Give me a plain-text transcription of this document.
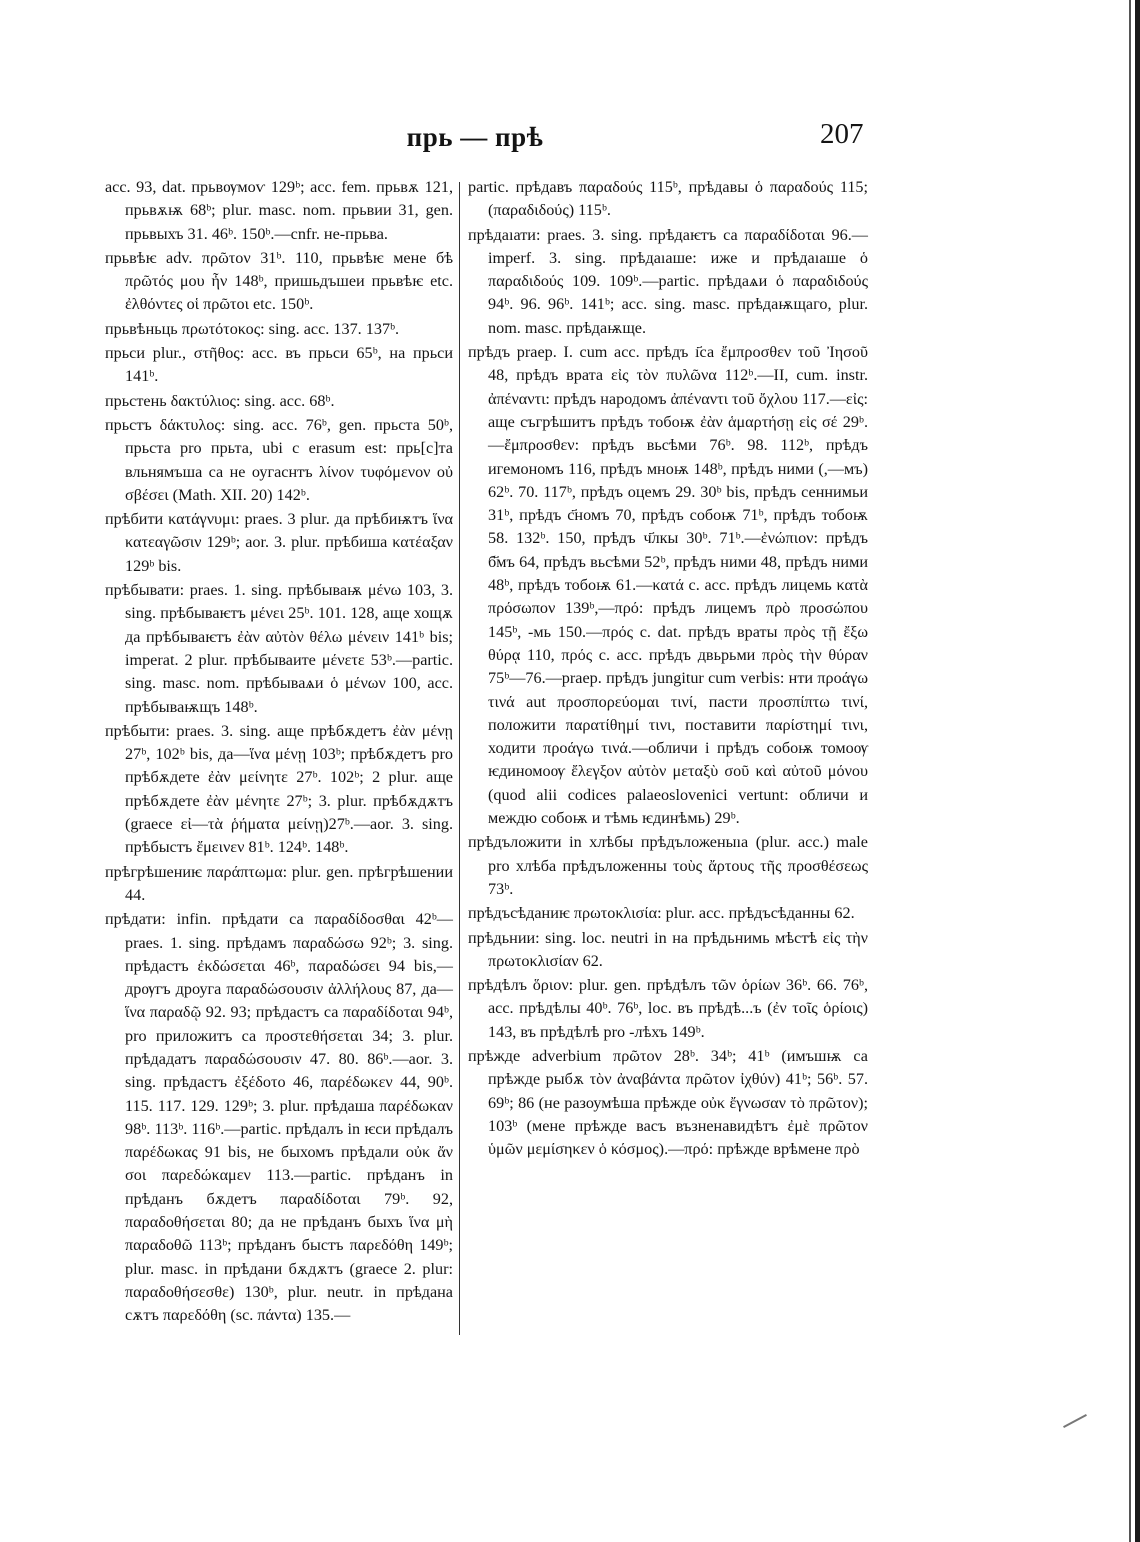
прь — прѣ	207
acc. 93, dat. прьвѹмоѵ 129ᵇ; acc. fem. прьвѫ 121, прьвѫѭ 68ᵇ; plur. masc. nom. прьвии 31, gen. прьвыхъ 31. 46ᵇ. 150ᵇ.—cnfr. не-прьва.
прьвѣѥ adv. πρῶτον 31ᵇ. 110, прьвѣѥ мене бѣ πρῶτός μου ἦν 148ᵇ, пришьдъшеи прьвѣѥ etc. ἐλθόντες οἱ πρῶτοι etc. 150ᵇ.
прьвѣньць πρωτότοκος: sing. acc. 137. 137ᵇ.
прьси plur., στῆθος: acc. въ прьси 65ᵇ, на прьси 141ᵇ.
прьстень δακτύλιος: sing. acc. 68ᵇ.
прьстъ δάκτυλος: sing. acc. 76ᵇ, gen. прьста 50ᵇ, прьста pro прьта, ubi с erasum est: прь[с]та вльнямъша са не оугаснтъ λίνον τυφόμενον οὐ σβέσει (Math. XII. 20) 142ᵇ.
прѣбити κατάγνυμι: praes. 3 plur. да прѣбиѭтъ ἵνα κατεαγῶσιν 129ᵇ; aor. 3. plur. прѣбиша κατέαξαν 129ᵇ bis.
прѣбывати: praes. 1. sing. прѣбываѭ μένω 103, 3. sing. прѣбываѥтъ μένει 25ᵇ. 101. 128, аще хощѫ да прѣбываѥтъ ἐὰν αὐτὸν θέλω μένειν 141ᵇ bis; imperat. 2 plur. прѣбываите μένετε 53ᵇ.—partic. sing. masc. nom. прѣбываѧи ὁ μένων 100, acc. прѣбываѭщъ 148ᵇ.
прѣбыти: praes. 3. sing. аще прѣбѫдетъ ἐὰν μένῃ 27ᵇ, 102ᵇ bis, да—ἵνα μένῃ 103ᵇ; прѣбѫдетъ pro прѣбѫдете ἐὰν μείνητε 27ᵇ. 102ᵇ; 2 plur. аще прѣбѫдете ἐὰν μένητε 27ᵇ; 3. plur. прѣбѫдѫтъ (graece εἰ—τὰ ῥήματα μείνῃ)27ᵇ.—aor. 3. sing. прѣбыстъ ἔμεινεν 81ᵇ. 124ᵇ. 148ᵇ.
прѣгрѣшениѥ παράπτωμα: plur. gen. прѣгрѣшении 44.
прѣдати: infin. прѣдати са παραδίδοσθαι 42ᵇ—praes. 1. sing. прѣдамъ παραδώσω 92ᵇ; 3. sing. прѣдастъ ἐκδώσεται 46ᵇ, παραδώσει 94 bis,—дрѹгъ дроуга παραδώσουσιν ἀλλήλους 87, да—ἵνα παραδῷ 92. 93; прѣдастъ са παραδίδοται 94ᵇ, pro приложитъ са προστεθήσεται 34; 3. plur. прѣдадатъ παραδώσουσιν 47. 80. 86ᵇ.—aor. 3. sing. прѣдастъ ἐξέδοτο 46, παρέδωκεν 44, 90ᵇ. 115. 117. 129. 129ᵇ; 3. plur. прѣдаша παρέδωκαν 98ᵇ. 113ᵇ. 116ᵇ.—partic. прѣдалъ in ѥси прѣдалъ παρέδωκας 91 bis, не быхомъ прѣдали οὐκ ἄν σοι παρεδώκαμεν 113.—partic. прѣданъ in прѣданъ бѫдетъ παραδίδοται 79ᵇ. 92, παραδοθήσεται 80; да не прѣданъ быхъ ἵνα μὴ παραδοθῶ 113ᵇ; прѣданъ быстъ παρεδόθη 149ᵇ; plur. masc. in прѣдани бѫдѫтъ (graece 2. plur: παραδοθήσεσθε) 130ᵇ, plur. neutr. in прѣдана сѫтъ παρεδόθη (sc. πάντα) 135.—
partic. прѣдавъ παραδούς 115ᵇ, прѣдавы ὁ παραδούς 115; (παραδιδούς) 115ᵇ.
прѣдаıати: praes. 3. sing. прѣдаѥтъ са παραδίδοται 96.—imperf. 3. sing. прѣдаıаше: иже и прѣдаıаше ὁ παραδιδούς 109. 109ᵇ.—partic. прѣдаѧи ὁ παραδιδούς 94ᵇ. 96. 96ᵇ. 141ᵇ; acc. sing. masc. прѣдаѭщаго, plur. nom. masc. прѣдаѭще.
прѣдъ praep. I. cum acc. прѣдъ ı҃са ἔμπροσθεν τοῦ Ἰησοῦ 48, прѣдъ врата εἰς τὸν πυλῶνα 112ᵇ.—II, cum. instr. ἀπέναντι: прѣдъ народомъ ἀπέναντι τοῦ ὄχλου 117.—εἰς: аще съгрѣшитъ прѣдъ тобоѭ ἐὰν ἁμαρτήσῃ εἰς σέ 29ᵇ.—ἔμπροσθεν: прѣдъ вьсѣми 76ᵇ. 98. 112ᵇ, прѣдъ игемономъ 116, прѣдъ мноѭ 148ᵇ, прѣдъ ними (,—мъ) 62ᵇ. 70. 117ᵇ, прѣдъ оцемъ 29. 30ᵇ bis, прѣдъ сеннимьи 31ᵇ, прѣдъ с҃номъ 70, прѣдъ собоѭ 71ᵇ, прѣдъ тобоѭ 58. 132ᵇ. 150, прѣдъ ч҃лкы 30ᵇ. 71ᵇ.—ἐνώπιον: прѣдъ б҃мъ 64, прѣдъ вьсѣми 52ᵇ, прѣдъ ними 48, прѣдъ ними 48ᵇ, прѣдъ тобоѭ 61.—κατά c. acc. прѣдъ лицемь κατὰ πρόσωπον 139ᵇ,—πρό: прѣдъ лицемъ πρὸ προσώπου 145ᵇ, -мь 150.—πρός c. dat. прѣдъ враты πρὸς τῇ ἔξω θύρᾳ 110, πρός c. acc. прѣдъ двьрьми πρὸς τὴν θύραν 75ᵇ—76.—praep. прѣдъ jungitur cum verbis: нти προάγω τινά aut προσπορεύομαι τινί, пасти προσπίπτω τινί, положити παρατίθημί τινι, поставити παρίστημί τινι, ходити προάγω τινά.—обличи і прѣдъ собоѭ томоѹ ѥдиномоѹ ἔλεγξον αὐτὸν μεταξὺ σοῦ καὶ αὐτοῦ μόνου (quod alii codices palaeoslovenici vertunt: обличи и междю собоѭ и тѣмь ѥдинѣмь) 29ᵇ.
прѣдъложити in хлѣбы прѣдъложеныıа (plur. acc.) male pro хлѣба прѣдъложенны τοὺς ἄρτους τῆς προσθέσεως 73ᵇ.
прѣдъсѣданиѥ πρωτοκλισία: plur. acc. прѣдъсѣданны 62.
прѣдьнии: sing. loc. neutri in на прѣдьнимь мѣстѣ εἰς τὴν πρωτοκλισίαν 62.
прѣдѣлъ ὅριον: plur. gen. прѣдѣлъ τῶν ὁρίων 36ᵇ. 66. 76ᵇ, acc. прѣдѣлы 40ᵇ. 76ᵇ, loc. въ прѣдѣ...ъ (ἐν τοῖς ὁρίοις) 143, въ прѣдѣлѣ pro -лѣхъ 149ᵇ.
прѣжде adverbium πρῶτον 28ᵇ. 34ᵇ; 41ᵇ (имъшѭ са прѣжде рыбѫ τὸν ἀναβάντα πρῶτον ἰχθύν) 41ᵇ; 56ᵇ. 57. 69ᵇ; 86 (не разоумѣша прѣжде οὐκ ἔγνωσαν τὸ πρῶτον); 103ᵇ (мене прѣжде васъ възненавидѣтъ ἐμὲ πρῶτον ὑμῶν μεμίσηκεν ὁ κόσμος).—πρό: прѣжде врѣмене πρὸ
